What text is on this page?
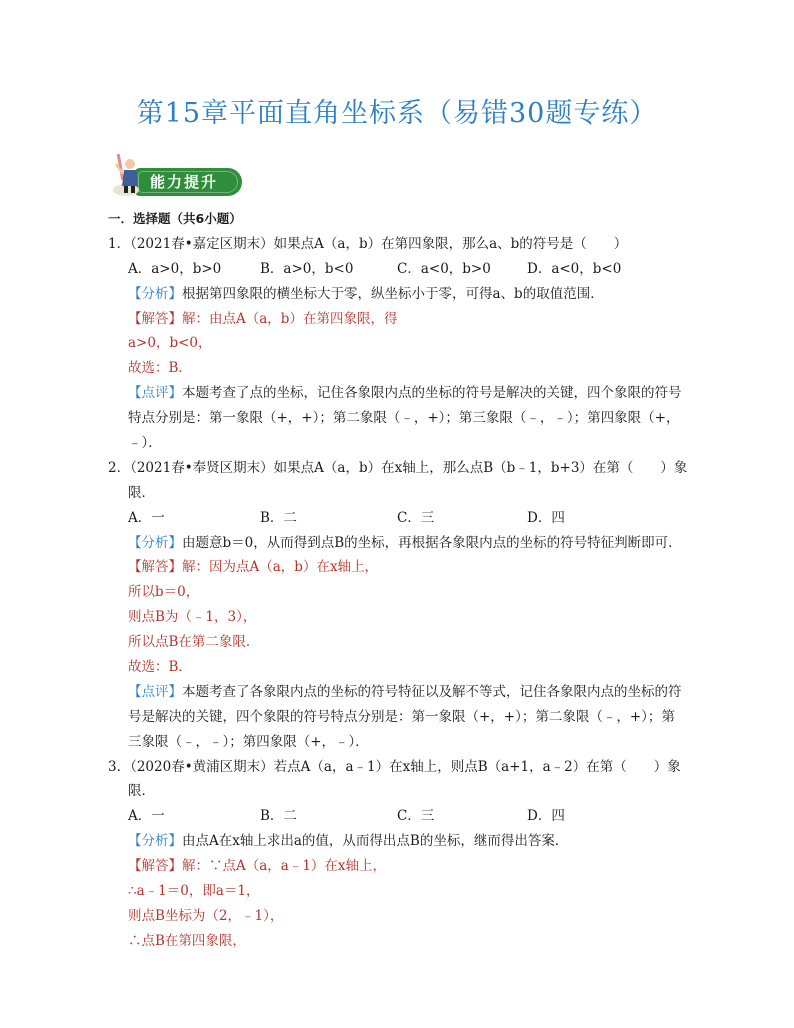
第15章平面直角坐标系（易错30题专练）
能力提升
一．选择题（共6小题）
1．（2021春•嘉定区期末）如果点A（a，b）在第四象限，那么a、b的符号是（　　）
A．a>0，b>0	B．a>0，b<0	C．a<0，b>0	D．a<0，b<0
【分析】根据第四象限的横坐标大于零，纵坐标小于零，可得a、b的取值范围．
【解答】解：由点A（a，b）在第四象限，得
a>0，b<0，
故选：B．
【点评】本题考查了点的坐标，记住各象限内点的坐标的符号是解决的关键，四个象限的符号
特点分别是：第一象限（+，+）；第二象限（﹣，+）；第三象限（﹣，﹣）；第四象限（+，
﹣）．
2．（2021春•奉贤区期末）如果点A（a，b）在x轴上，那么点B（b﹣1，b+3）在第（　　）象
限．
A．一	B．二	C．三	D．四
【分析】由题意b＝0，从而得到点B的坐标，再根据各象限内点的坐标的符号特征判断即可．
【解答】解：因为点A（a，b）在x轴上，
所以b＝0，
则点B为（﹣1，3），
所以点B在第二象限．
故选：B．
【点评】本题考查了各象限内点的坐标的符号特征以及解不等式，记住各象限内点的坐标的符
号是解决的关键，四个象限的符号特点分别是：第一象限（+，+）；第二象限（﹣，+）；第
三象限（﹣，﹣）；第四象限（+，﹣）．
3．（2020春•黄浦区期末）若点A（a，a﹣1）在x轴上，则点B（a+1，a﹣2）在第（　　）象
限．
A．一	B．二	C．三	D．四
【分析】由点A在x轴上求出a的值，从而得出点B的坐标，继而得出答案．
【解答】解：∵点A（a，a﹣1）在x轴上，
∴a﹣1＝0，即a＝1，
则点B坐标为（2，﹣1），
∴点B在第四象限，
